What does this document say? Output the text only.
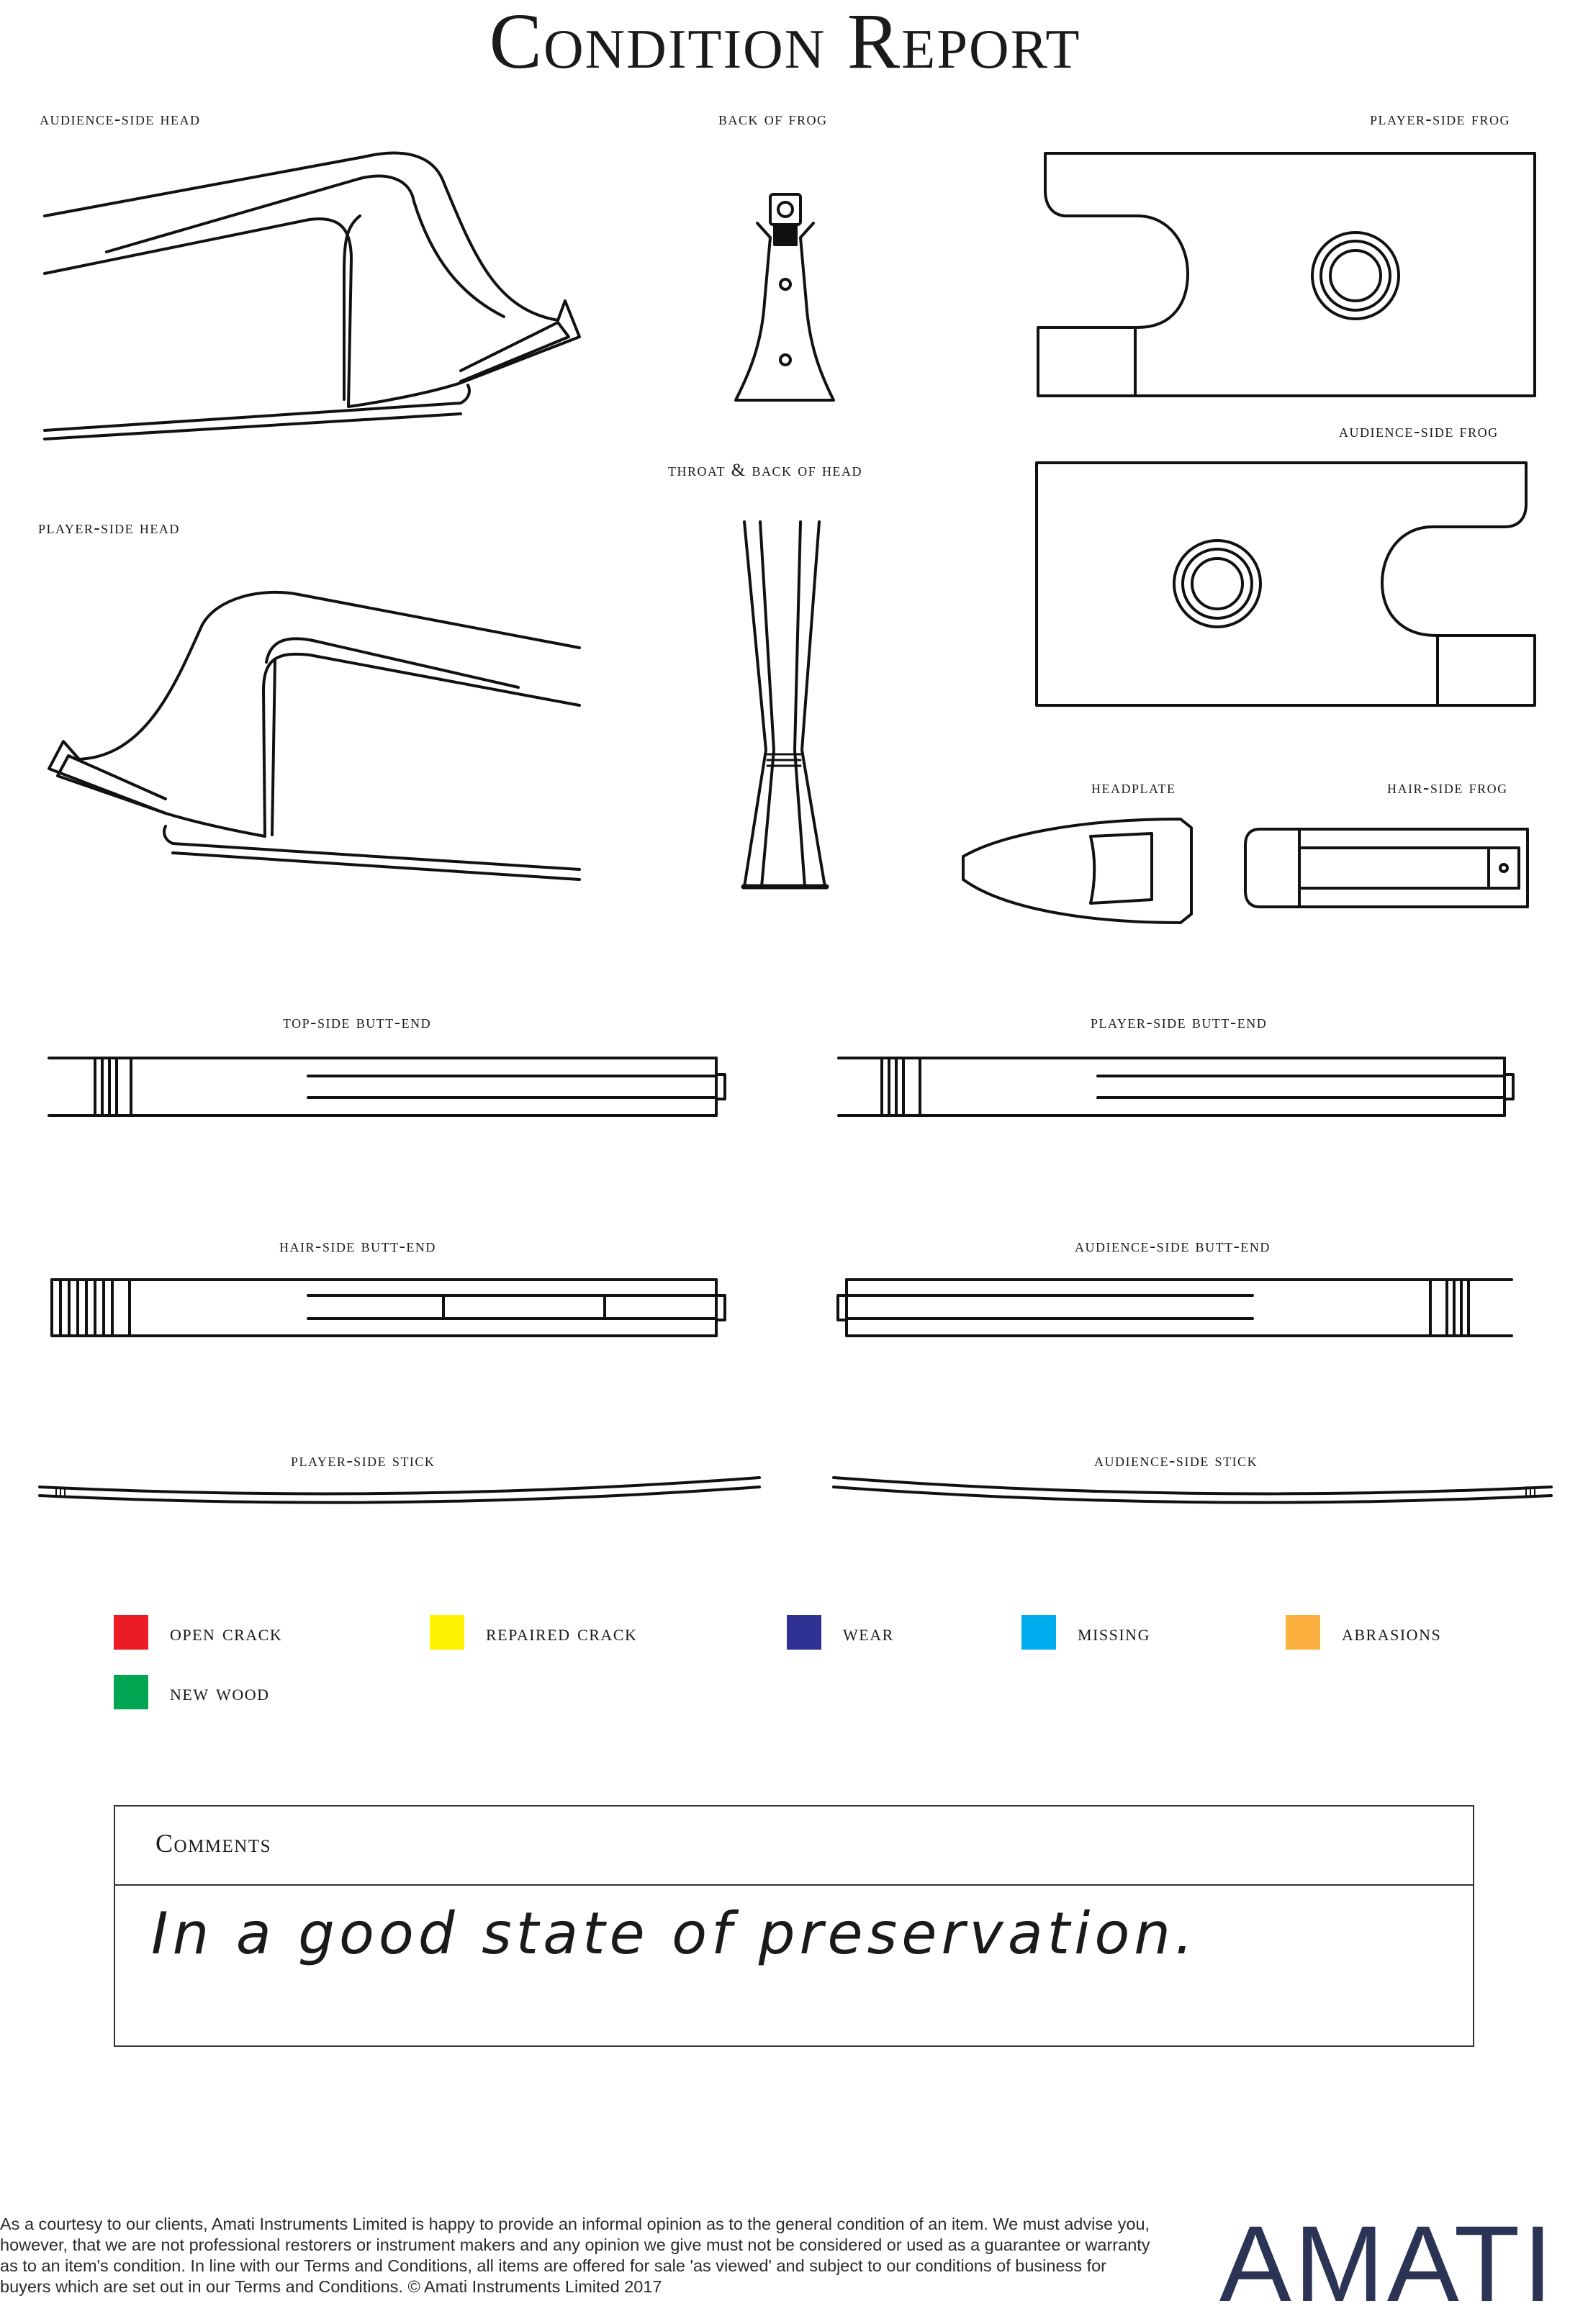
Condition Report
audience-side head	back of frog	player-side frog
audience-side frog
throat & back of head
player-side head
headplate	hair-side frog
top-side butt-end	player-side butt-end
hair-side butt-end	audience-side butt-end
player-side stick	audience-side stick
open crack	repaired crack	wear	missing	abrasions
new wood
Comments
In a good state of preservation.
As a courtesy to our clients, Amati Instruments Limited is happy to provide an informal opinion as to the general condition of an item. We must advise you, however, that we are not professional restorers or instrument makers and any opinion we give must not be considered or used as a guarantee or warranty as to an item's condition. In line with our Terms and Conditions, all items are offered for sale 'as viewed' and subject to our conditions of business for buyers which are set out in our Terms and Conditions. © Amati Instruments Limited 2017	AMATI
